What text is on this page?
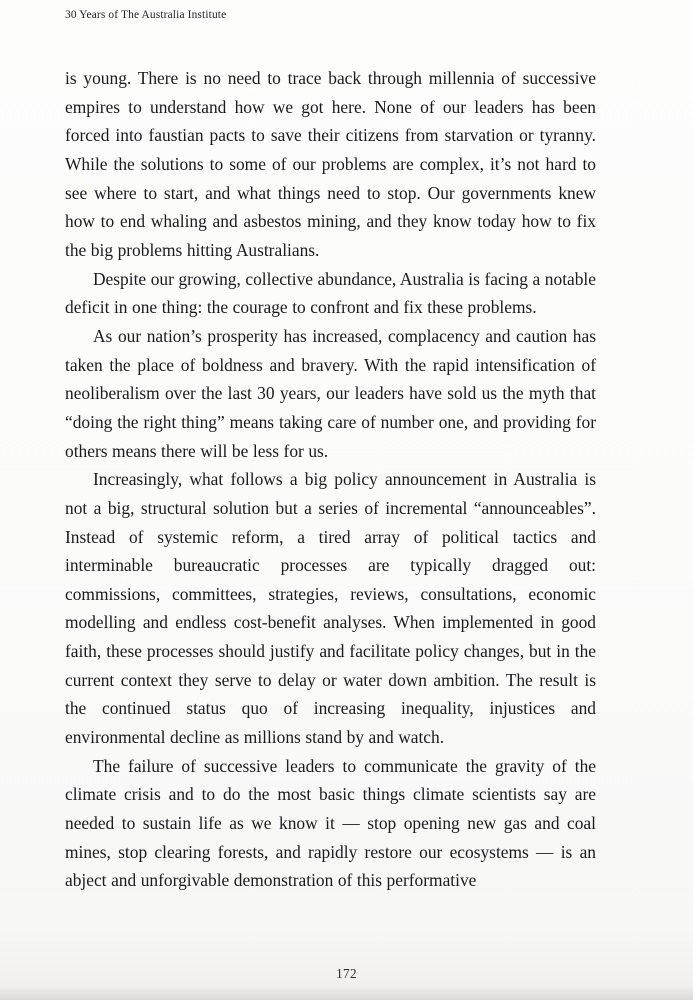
30 Years of The Australia Institute

is young. There is no need to trace back through millennia of successive empires to understand how we got here. None of our leaders has been forced into faustian pacts to save their citizens from starvation or tyranny. While the solutions to some of our problems are complex, it’s not hard to see where to start, and what things need to stop. Our governments knew how to end whaling and asbestos mining, and they know today how to fix the big problems hitting Australians.

Despite our growing, collective abundance, Australia is facing a notable deficit in one thing: the courage to confront and fix these problems.

As our nation’s prosperity has increased, complacency and caution has taken the place of boldness and bravery. With the rapid intensification of neoliberalism over the last 30 years, our leaders have sold us the myth that “doing the right thing” means taking care of number one, and providing for others means there will be less for us.

Increasingly, what follows a big policy announcement in Australia is not a big, structural solution but a series of incremental “announceables”. Instead of systemic reform, a tired array of political tactics and interminable bureaucratic processes are typically dragged out: commissions, committees, strategies, reviews, consultations, economic modelling and endless cost-benefit analyses. When implemented in good faith, these processes should justify and facilitate policy changes, but in the current context they serve to delay or water down ambition. The result is the continued status quo of increasing inequality, injustices and environmental decline as millions stand by and watch.

The failure of successive leaders to communicate the gravity of the climate crisis and to do the most basic things climate scientists say are needed to sustain life as we know it — stop opening new gas and coal mines, stop clearing forests, and rapidly restore our ecosystems — is an abject and unforgivable demonstration of this performative

172
